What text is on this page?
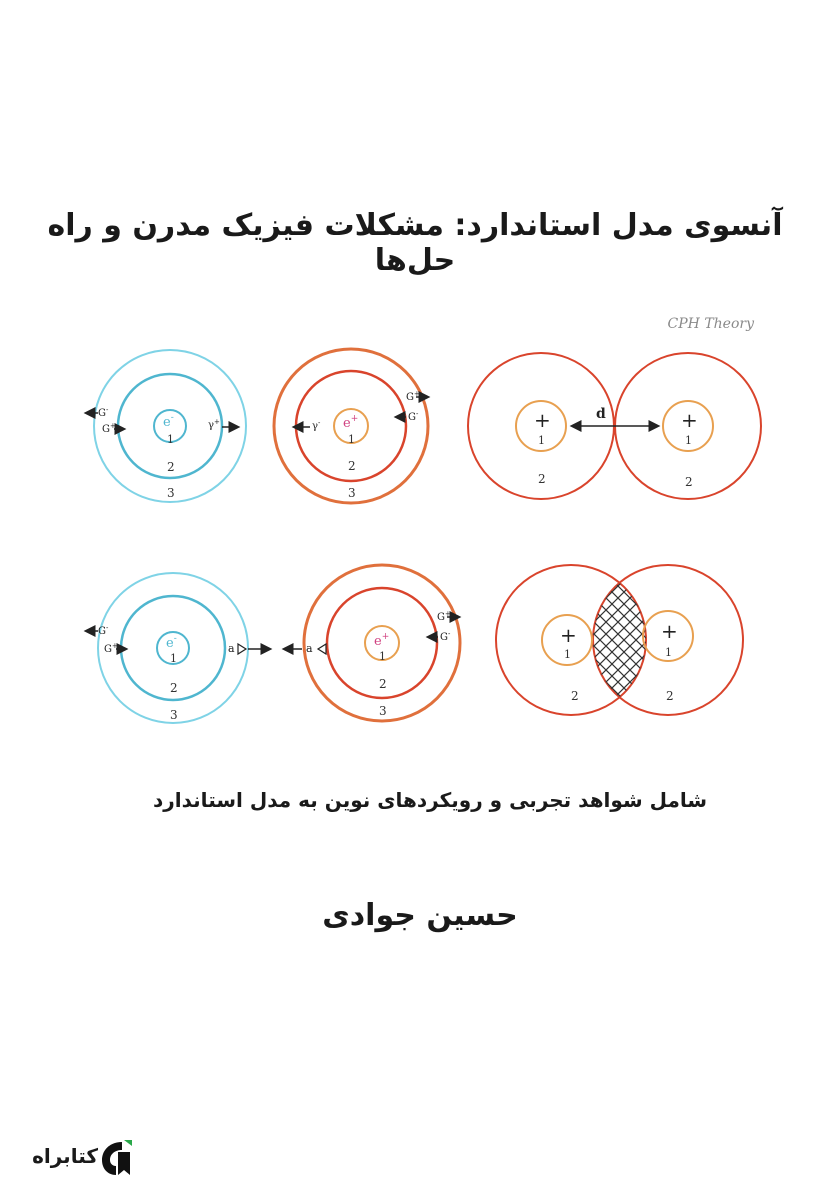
آنسوی مدل استاندارد: مشکلات فیزیک مدرن و راه حل‌ها
CPH Theory
e-
1
2
3
G-
G+	γ+	e+
1
2
3
γ-
G+
G-	+	+
1	1
2	2
d
e-
1
2
3
G-
G+	a	e+
1
2
3
a
G+
G-	+	+
1	1
2	2
شامل شواهد تجربی و رویکردهای نوین به مدل استاندارد
حسین جوادی
کتابراه
